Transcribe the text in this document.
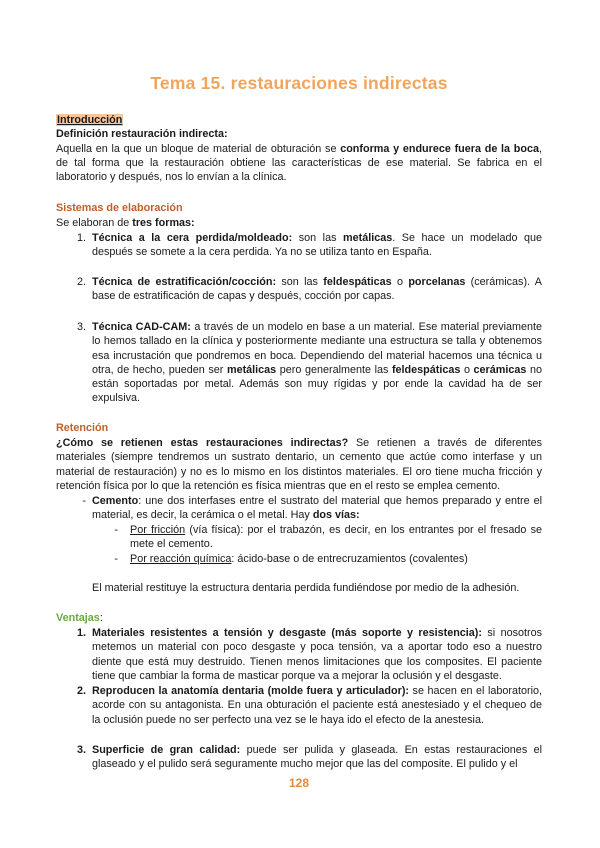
Tema 15. restauraciones indirectas
Introducción
Definición restauración indirecta:
Aquella en la que un bloque de material de obturación se conforma y endurece fuera de la boca, de tal forma que la restauración obtiene las características de ese material. Se fabrica en el laboratorio y después, nos lo envían a la clínica.
Sistemas de elaboración
Se elaboran de tres formas:
1. Técnica a la cera perdida/moldeado: son las metálicas. Se hace un modelado que después se somete a la cera perdida. Ya no se utiliza tanto en España.
2. Técnica de estratificación/cocción: son las feldespáticas o porcelanas (cerámicas). A base de estratificación de capas y después, cocción por capas.
3. Técnica CAD-CAM: a través de un modelo en base a un material. Ese material previamente lo hemos tallado en la clínica y posteriormente mediante una estructura se talla y obtenemos esa incrustación que pondremos en boca. Dependiendo del material hacemos una técnica u otra, de hecho, pueden ser metálicas pero generalmente las feldespáticas o cerámicas no están soportadas por metal. Además son muy rígidas y por ende la cavidad ha de ser expulsiva.
Retención
¿Cómo se retienen estas restauraciones indirectas? Se retienen a través de diferentes materiales (siempre tendremos un sustrato dentario, un cemento que actúe como interfase y un material de restauración) y no es lo mismo en los distintos materiales. El oro tiene mucha fricción y retención física por lo que la retención es física mientras que en el resto se emplea cemento.
- Cemento: une dos interfases entre el sustrato del material que hemos preparado y entre el material, es decir, la cerámica o el metal. Hay dos vías:
- Por fricción (vía física): por el trabazón, es decir, en los entrantes por el fresado se mete el cemento.
- Por reacción química: ácido-base o de entrecruzamientos (covalentes)
El material restituye la estructura dentaria perdida fundiéndose por medio de la adhesión.
Ventajas:
1. Materiales resistentes a tensión y desgaste (más soporte y resistencia): si nosotros metemos un material con poco desgaste y poca tensión, va a aportar todo eso a nuestro diente que está muy destruido. Tienen menos limitaciones que los composites. El paciente tiene que cambiar la forma de masticar porque va a mejorar la oclusión y el desgaste.
2. Reproducen la anatomía dentaria (molde fuera y articulador): se hacen en el laboratorio, acorde con su antagonista. En una obturación el paciente está anestesiado y el chequeo de la oclusión puede no ser perfecto una vez se le haya ido el efecto de la anestesia.
3. Superficie de gran calidad: puede ser pulida y glaseada. En estas restauraciones el glaseado y el pulido será seguramente mucho mejor que las del composite. El pulido y el
128
